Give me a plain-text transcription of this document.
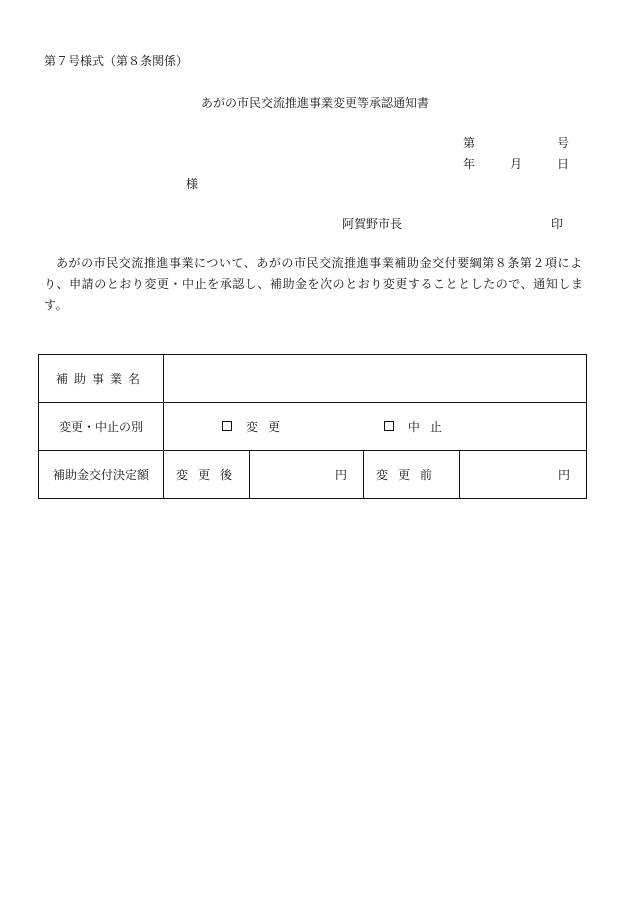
第７号様式（第８条関係）
あがの市民交流推進事業変更等承認通知書
第	号
年	月	日
様
阿賀野市長	印
あがの市民交流推進事業について、あがの市民交流推進事業補助金交付要綱第８条第２項により、申請のとおり変更・中止を承認し、補助金を次のとおり変更することとしたので、通知します。
補助事業名				
変更・中止の別	変更 中止			
補助金交付決定額	変更後	円	変更前	円
